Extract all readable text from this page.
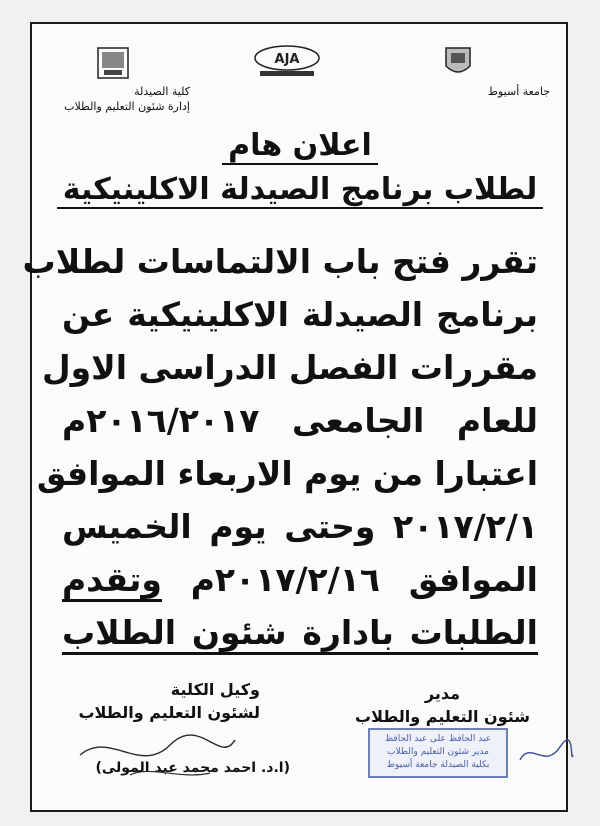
AJA
كلية الصيدلة
إدارة شئون التعليم والطلاب
جامعة أسيوط
اعلان هام
لطلاب برنامج الصيدلة الاكلينيكية
تقرر فتح باب الالتماسات لطلاب
برنامج الصيدلة الاكلينيكية عن
مقررات الفصل الدراسى الاول
للعام الجامعى ٢٠١٦/٢٠١٧م
اعتبارا من يوم الاربعاء الموافق
٢٠١٧/٢/١ وحتى يوم الخميس
الموافق ٢٠١٧/٢/١٦م وتقدم
الطلبات بادارة شئون الطلاب
وكيل الكلية
لشئون التعليم والطلاب
مدير
شئون التعليم والطلاب
(ا.د. احمد محمد عبد المولى)
عبد الحافظ على عبد الحافظ
مدير شئون التعليم والطلاب
بكلية الصيدلة جامعة أسيوط
